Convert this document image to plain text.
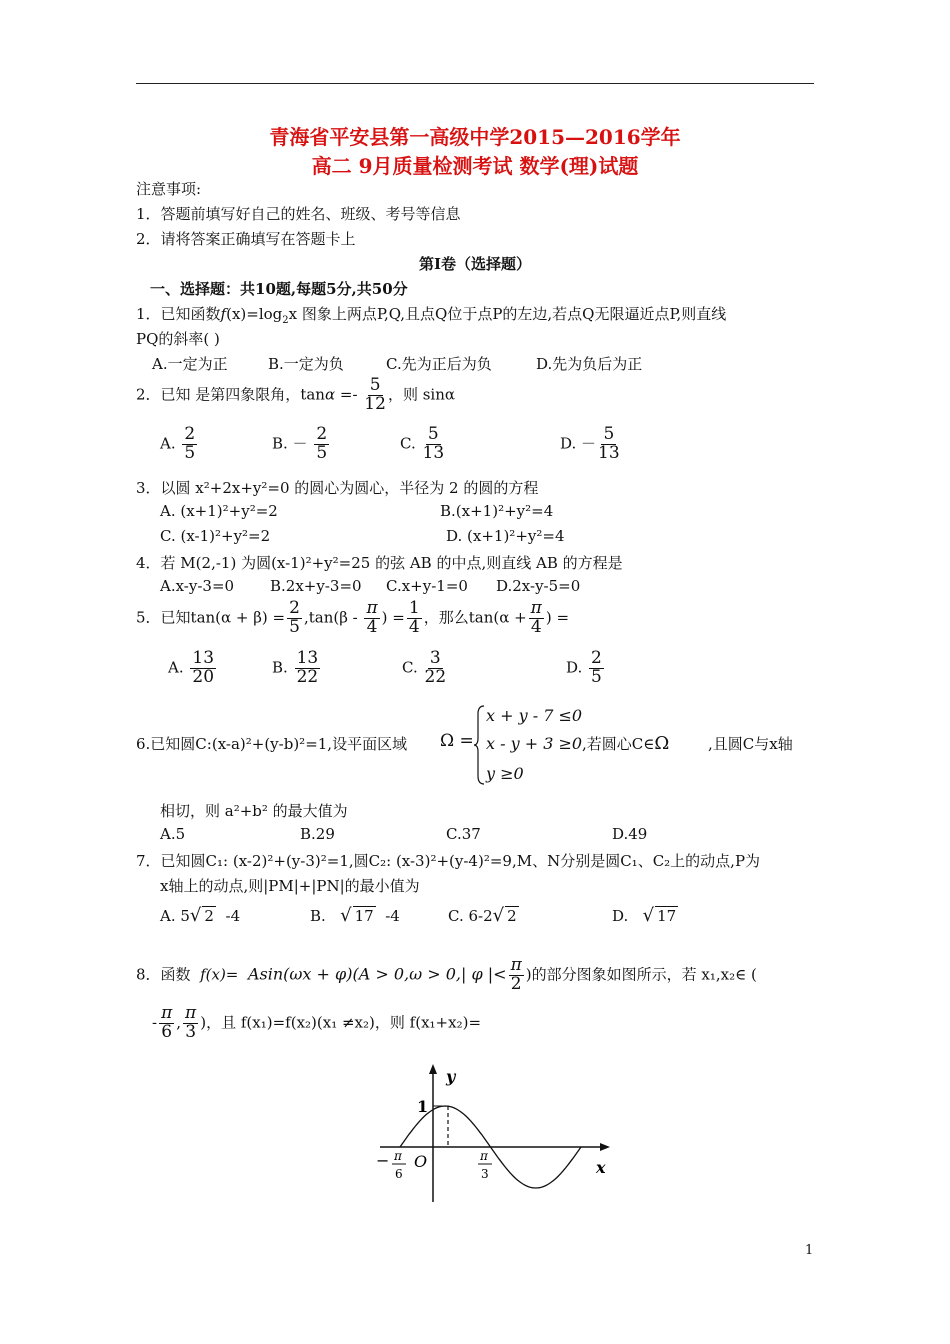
青海省平安县第一高级中学2015—2016学年
高二 9月质量检测考试 数学(理)试题
注意事项:
1．答题前填写好自己的姓名、班级、考号等信息
2．请将答案正确填写在答题卡上
第Ⅰ卷（选择题）
一、选择题：共10题,每题5分,共50分
1．已知函数$f(x)=\log_2x$ 图象上两点P,Q,且点Q位于点P的左边,若点Q无限逼近点P,则直线
PQ的斜率( )
A.一定为正	B.一定为负	C.先为正后为负	D.先为负后为正
2．已知 是第四象限角，$\tan\alpha =- \frac{5}{12}$ ，则 sinα
A. $\frac{2}{5}$	B. － $\frac{2}{5}$	C. $\frac{5}{13}$	D. － $\frac{5}{13}$
3．以圆 x²+2x+y²=0 的圆心为圆心，半径为 2 的圆的方程
A. (x+1)²+y²=2	B.(x+1)²+y²=4
C. (x-1)²+y²=2	D. (x+1)²+y²=4
4．若 M(2,-1) 为圆(x-1)²+y²=25 的弦 AB 的中点,则直线 AB 的方程是
A.x-y-3=0 B.2x+y-3=0 C.x+y-1=0 D.2x-y-5=0
5．已知$\tan(\alpha + \beta) = \frac{2}{5} ,\tan(\beta - \frac{\pi}{4}$ ) = $\frac{1}{4}$ ，那么$\tan(\alpha + \frac{\pi}{4}$ ) =
A. $\frac{13}{20}$	B. $\frac{13}{22}$	C. $\frac{3}{22}$	D. $\frac{2}{5}$
6.已知圆C:(x-a)²+(y-b)²=1,设平面区域 Ω =
x + y - 7 ≤0
x - y + 3 ≥0
y ≥0
,若圆心C∈Ω	,且圆C与x轴
相切，则 a²+b² 的最大值为
A.5	B.29	C.37	D.49
7．已知圆C₁: (x-2)²+(y-3)²=1,圆C₂: (x-3)²+(y-4)²=9,M、N分别是圆C₁、C₂上的动点,P为
x轴上的动点,则|PM|+|PN|的最小值为
A. 5√ 2 -4	B. √ 17 -4	C. 6-2√ 2	D. √ 17
8．函数 f(x)= Asin(ωx + φ)(A > 0,ω > 0,| φ |< $\frac{\pi}{2}$ )的部分图象如图所示，若 x₁,x₂∈ (
- $\frac{\pi}{6}$ , $\frac{\pi}{3}$ )，且 f(x₁)=f(x₂)(x₁ ≠x₂)，则 f(x₁+x₂)=
y
x
O
1
− π
6
π
3
1
